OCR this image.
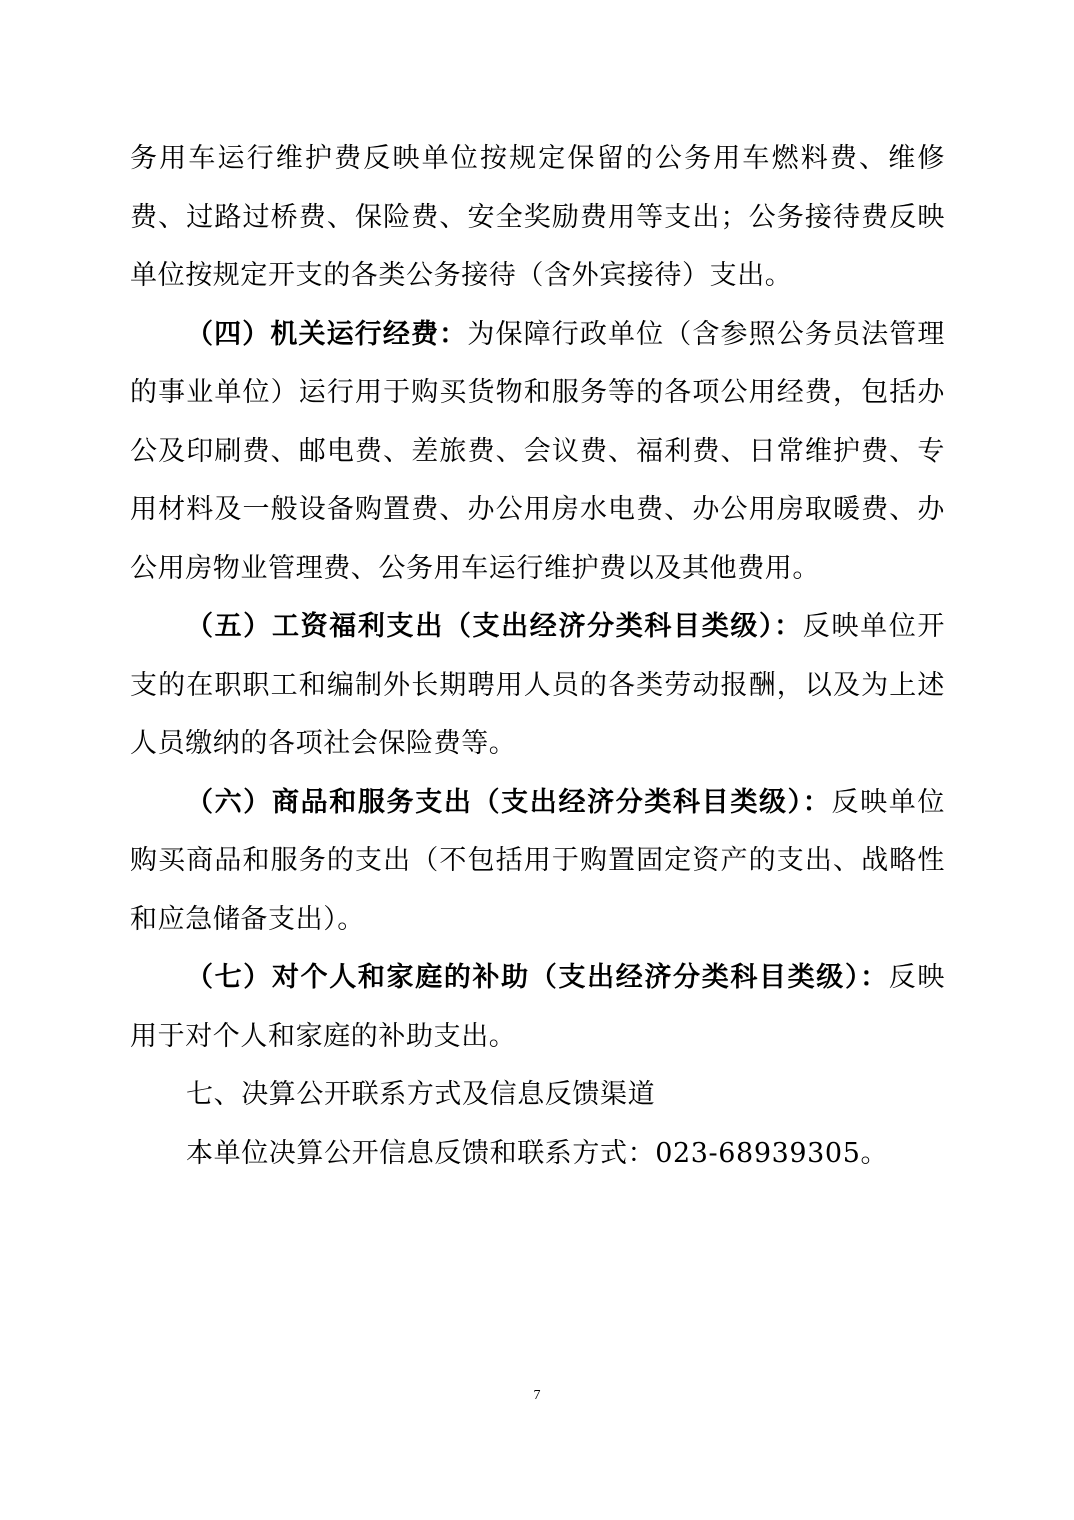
务用车运行维护费反映单位按规定保留的公务用车燃料费、维修费、过路过桥费、保险费、安全奖励费用等支出；公务接待费反映单位按规定开支的各类公务接待（含外宾接待）支出。

（四）机关运行经费：为保障行政单位（含参照公务员法管理的事业单位）运行用于购买货物和服务等的各项公用经费，包括办公及印刷费、邮电费、差旅费、会议费、福利费、日常维护费、专用材料及一般设备购置费、办公用房水电费、办公用房取暖费、办公用房物业管理费、公务用车运行维护费以及其他费用。

（五）工资福利支出（支出经济分类科目类级）：反映单位开支的在职职工和编制外长期聘用人员的各类劳动报酬，以及为上述人员缴纳的各项社会保险费等。

（六）商品和服务支出（支出经济分类科目类级）：反映单位购买商品和服务的支出（不包括用于购置固定资产的支出、战略性和应急储备支出）。

（七）对个人和家庭的补助（支出经济分类科目类级）：反映用于对个人和家庭的补助支出。

七、决算公开联系方式及信息反馈渠道

本单位决算公开信息反馈和联系方式：023-68939305。

7
